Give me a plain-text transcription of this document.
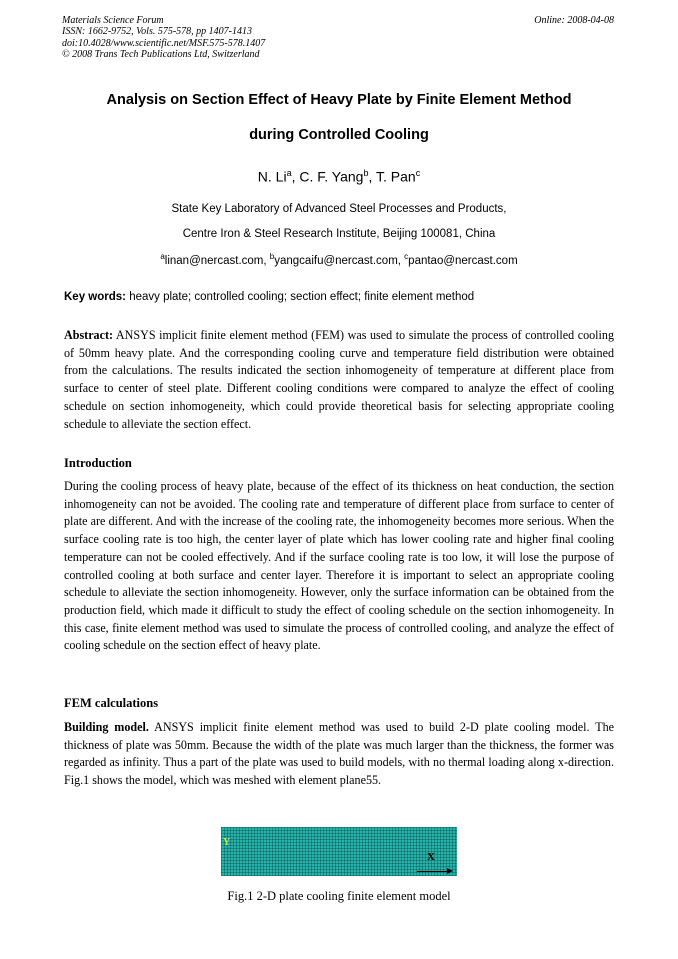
Materials Science Forum
ISSN: 1662-9752, Vols. 575-578, pp 1407-1413
doi:10.4028/www.scientific.net/MSF.575-578.1407
© 2008 Trans Tech Publications Ltd, Switzerland
Online: 2008-04-08
Analysis on Section Effect of Heavy Plate by Finite Element Method
during Controlled Cooling
N. Li$^a$, C. F. Yang$^b$, T. Pan$^c$
State Key Laboratory of Advanced Steel Processes and Products,
Centre Iron & Steel Research Institute, Beijing 100081, China
$^a$linan@nercast.com, $^b$yangcaifu@nercast.com, $^c$pantao@nercast.com
Key words: heavy plate; controlled cooling; section effect; finite element method
Abstract: ANSYS implicit finite element method (FEM) was used to simulate the process of controlled cooling of 50mm heavy plate. And the corresponding cooling curve and temperature field distribution were obtained from the calculations. The results indicated the section inhomogeneity of temperature at different place from surface to center of steel plate. Different cooling conditions were compared to analyze the effect of cooling schedule on section inhomogeneity, which could provide theoretical basis for selecting appropriate cooling schedule to alleviate the section effect.
Introduction
During the cooling process of heavy plate, because of the effect of its thickness on heat conduction, the section inhomogeneity can not be avoided. The cooling rate and temperature of different place from surface to center of plate are different. And with the increase of the cooling rate, the inhomogeneity becomes more serious. When the surface cooling rate is too high, the center layer of plate which has lower cooling rate and higher final cooling temperature can not be cooled effectively. And if the surface cooling rate is too low, it will lose the purpose of controlled cooling at both surface and center layer. Therefore it is important to select an appropriate cooling schedule to alleviate the section inhomogeneity. However, only the surface information can be obtained from the production field, which made it difficult to study the effect of cooling schedule on the section inhomogeneity. In this case, finite element method was used to simulate the process of controlled cooling, and analyze the effect of cooling schedule on the section effect of heavy plate.
FEM calculations
Building model. ANSYS implicit finite element method was used to build 2-D plate cooling model. The thickness of plate was 50mm. Because the width of the plate was much larger than the thickness, the former was regarded as infinity. Thus a part of the plate was used to build models, with no thermal loading along x-direction. Fig.1 shows the model, which was meshed with element plane55.
Y
X
Fig.1 2-D plate cooling finite element model
